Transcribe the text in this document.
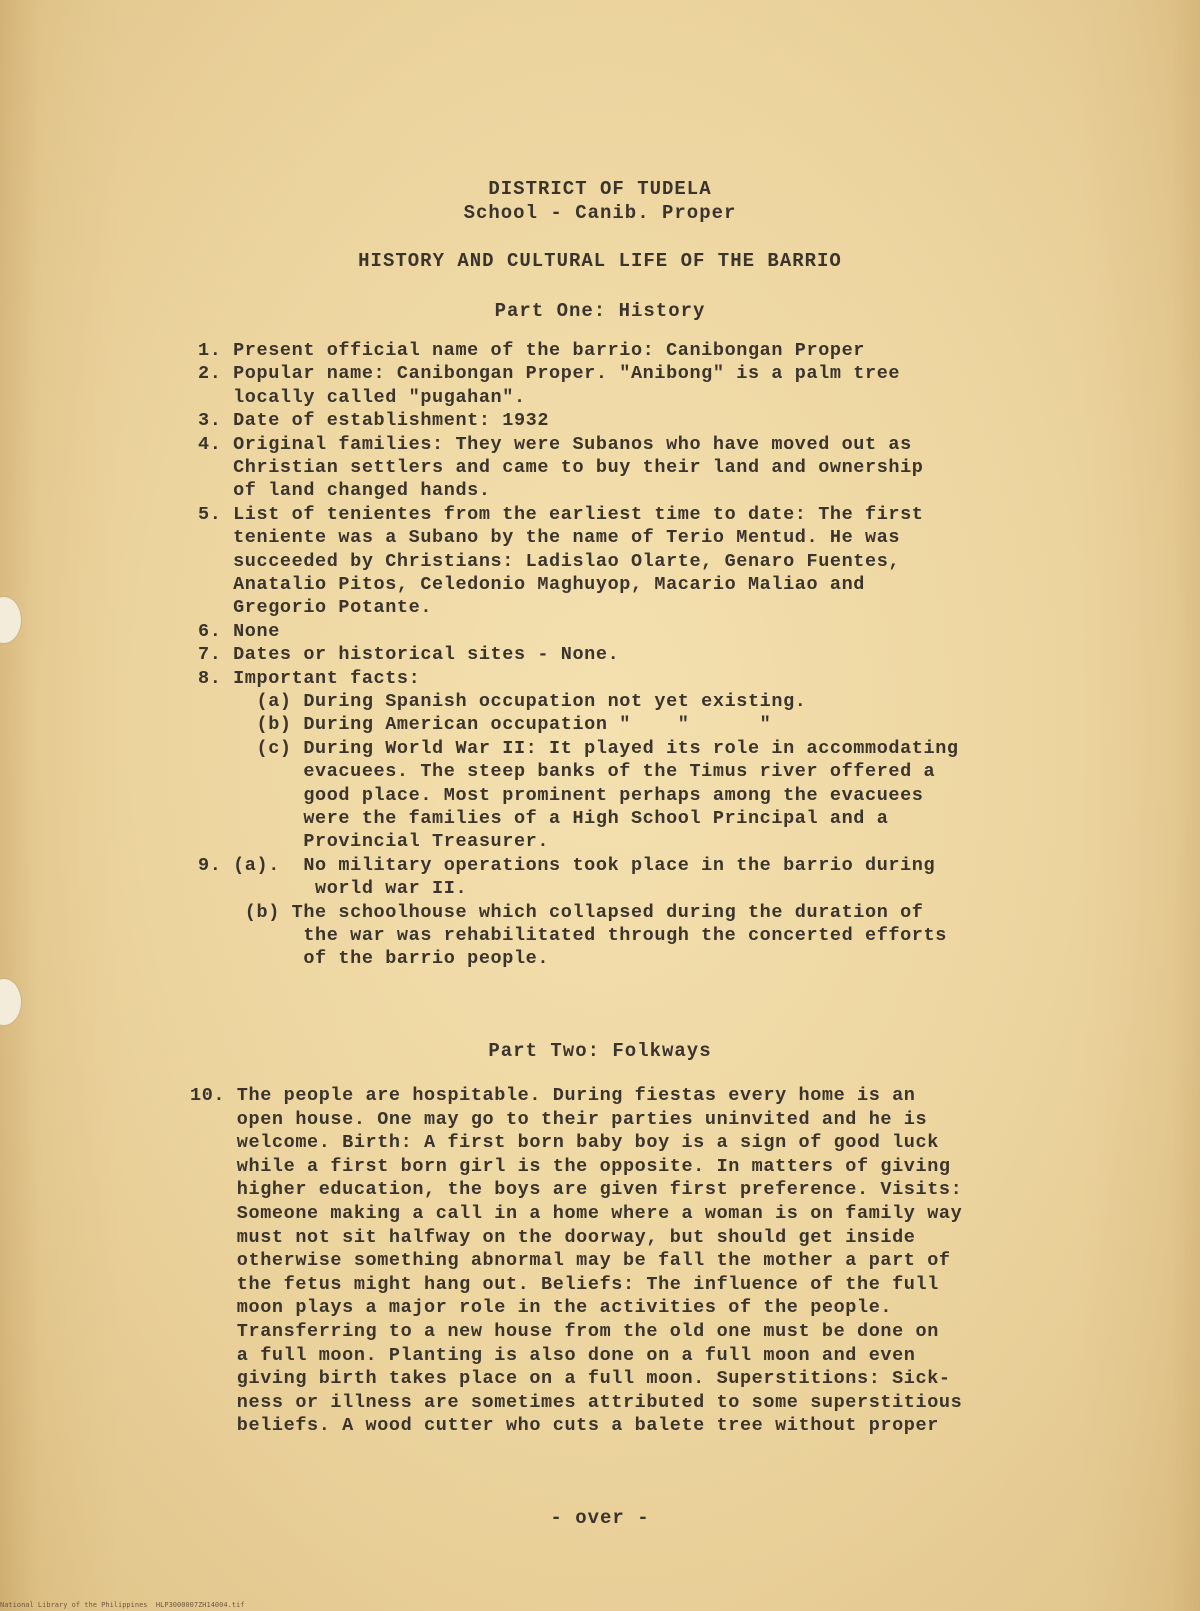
DISTRICT OF TUDELA
School - Canib. Proper
HISTORY AND CULTURAL LIFE OF THE BARRIO
Part One: History
1. Present official name of the barrio: Canibongan Proper
2. Popular name: Canibongan Proper. "Anibong" is a palm tree
locally called "pugahan".
3. Date of establishment: 1932
4. Original families: They were Subanos who have moved out as
Christian settlers and came to buy their land and ownership
of land changed hands.
5. List of tenientes from the earliest time to date: The first
teniente was a Subano by the name of Terio Mentud. He was
succeeded by Christians: Ladislao Olarte, Genaro Fuentes,
Anatalio Pitos, Celedonio Maghuyop, Macario Maliao and
Gregorio Potante.
6. None
7. Dates or historical sites - None.
8. Important facts:
(a) During Spanish occupation not yet existing.
(b) During American occupation "    "      "
(c) During World War II: It played its role in accommodating
evacuees. The steep banks of the Timus river offered a
good place. Most prominent perhaps among the evacuees
were the families of a High School Principal and a
Provincial Treasurer.
9. (a).  No military operations took place in the barrio during
world war II.
(b) The schoolhouse which collapsed during the duration of
the war was rehabilitated through the concerted efforts
of the barrio people.
Part Two: Folkways
10. The people are hospitable. During fiestas every home is an
open house. One may go to their parties uninvited and he is
welcome. Birth: A first born baby boy is a sign of good luck
while a first born girl is the opposite. In matters of giving
higher education, the boys are given first preference. Visits:
Someone making a call in a home where a woman is on family way
must not sit halfway on the doorway, but should get inside
otherwise something abnormal may be fall the mother a part of
the fetus might hang out. Beliefs: The influence of the full
moon plays a major role in the activities of the people.
Transferring to a new house from the old one must be done on
a full moon. Planting is also done on a full moon and even
giving birth takes place on a full moon. Superstitions: Sick-
ness or illness are sometimes attributed to some superstitious
beliefs. A wood cutter who cuts a balete tree without proper
- over -
National Library of the Philippines  HLP3000007ZH14004.tif
